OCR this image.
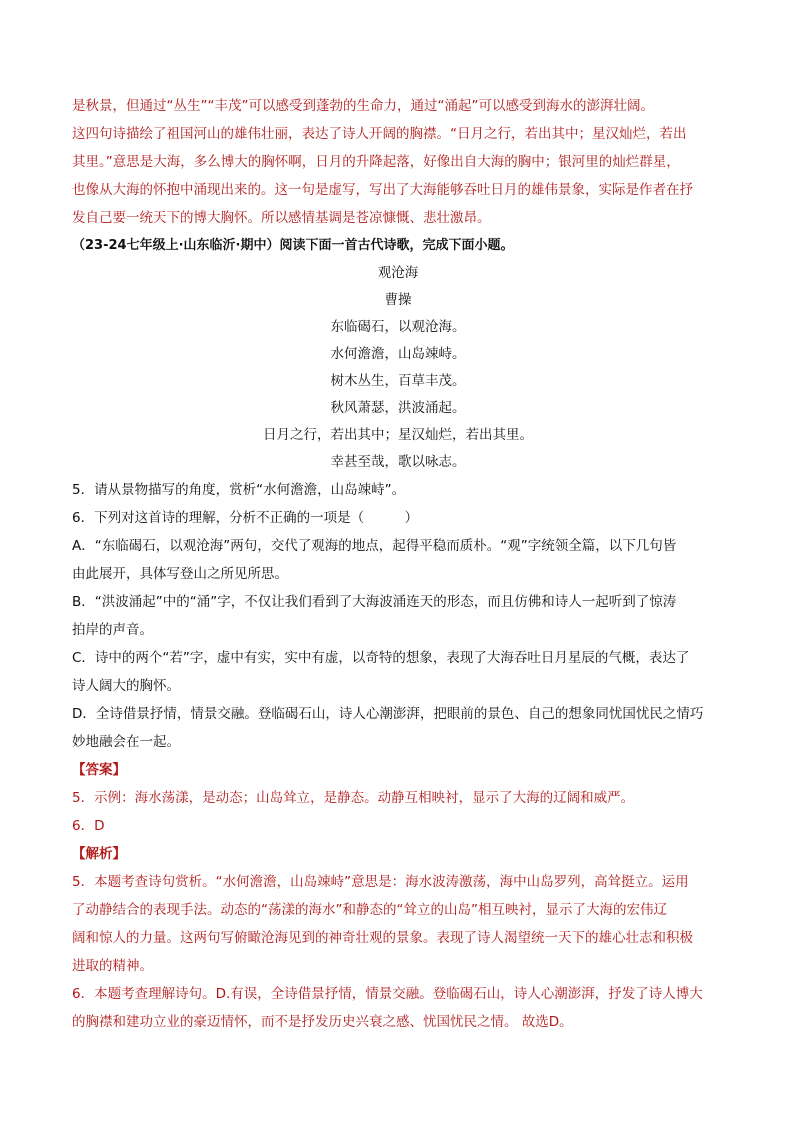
是秋景，但通过“丛生”“丰茂”可以感受到蓬勃的生命力，通过“涌起”可以感受到海水的澎湃壮阔。
这四句诗描绘了祖国河山的雄伟壮丽，表达了诗人开阔的胸襟。“日月之行，若出其中；星汉灿烂，若出
其里。”意思是大海，多么博大的胸怀啊，日月的升降起落，好像出自大海的胸中；银河里的灿烂群星，
也像从大海的怀抱中涌现出来的。这一句是虚写，写出了大海能够吞吐日月的雄伟景象，实际是作者在抒
发自己要一统天下的博大胸怀。所以感情基调是苍凉慷慨、悲壮激昂。
（23-24七年级上·山东临沂·期中）阅读下面一首古代诗歌，完成下面小题。
观沧海
曹操
东临碣石，以观沧海。
水何澹澹，山岛竦峙。
树木丛生，百草丰茂。
秋风萧瑟，洪波涌起。
日月之行，若出其中；星汉灿烂，若出其里。
幸甚至哉，歌以咏志。
5．请从景物描写的角度，赏析“水何澹澹，山岛竦峙”。
6．下列对这首诗的理解，分析不正确的一项是（　　　）
A．“东临碣石，以观沧海”两句，交代了观海的地点，起得平稳而质朴。“观”字统领全篇，以下几句皆
由此展开，具体写登山之所见所思。
B．“洪波涌起”中的“涌”字，不仅让我们看到了大海波涌连天的形态，而且仿佛和诗人一起听到了惊涛
拍岸的声音。
C．诗中的两个“若”字，虚中有实，实中有虚，以奇特的想象，表现了大海吞吐日月星辰的气概，表达了
诗人阔大的胸怀。
D．全诗借景抒情，情景交融。登临碣石山，诗人心潮澎湃，把眼前的景色、自己的想象同忧国忧民之情巧
妙地融会在一起。
【答案】
5．示例：海水荡漾，是动态；山岛耸立，是静态。动静互相映衬，显示了大海的辽阔和威严。
6．D
【解析】
5．本题考查诗句赏析。“水何澹澹，山岛竦峙”意思是：海水波涛激荡，海中山岛罗列，高耸挺立。运用
了动静结合的表现手法。动态的“荡漾的海水”和静态的“耸立的山岛”相互映衬，显示了大海的宏伟辽
阔和惊人的力量。这两句写俯瞰沧海见到的神奇壮观的景象。表现了诗人渴望统一天下的雄心壮志和积极
进取的精神。
6．本题考查理解诗句。D.有误，全诗借景抒情，情景交融。登临碣石山，诗人心潮澎湃，抒发了诗人博大
的胸襟和建功立业的豪迈情怀，而不是抒发历史兴衰之感、忧国忧民之情。 故选D。
